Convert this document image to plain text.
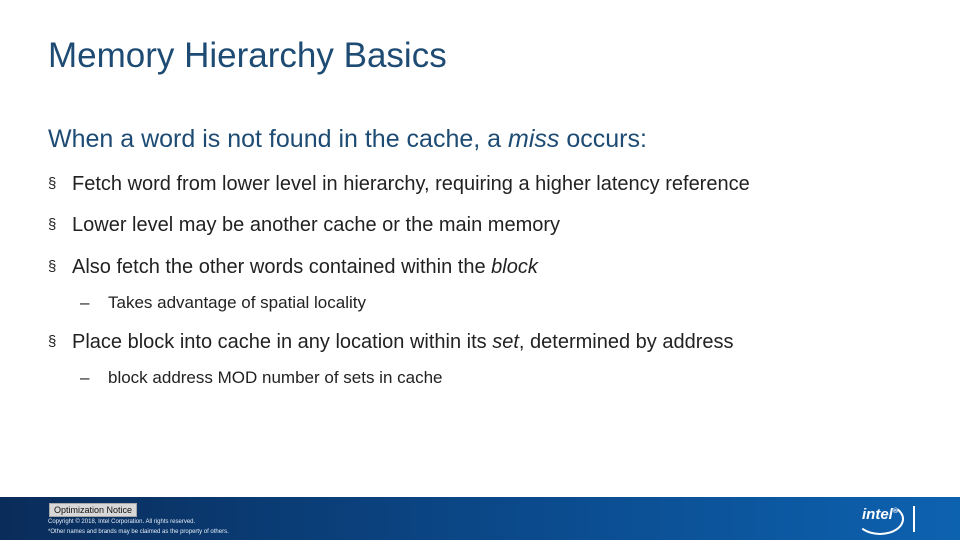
Memory Hierarchy Basics
When a word is not found in the cache, a miss occurs:
§ Fetch word from lower level in hierarchy, requiring a higher latency reference
§ Lower level may be another cache or the main memory
§ Also fetch the other words contained within the block
– Takes advantage of spatial locality
§ Place block into cache in any location within its set, determined by address
– block address MOD number of sets in cache
Optimization Notice
Copyright © 2018, Intel Corporation. All rights reserved.
*Other names and brands may be claimed as the property of others.
intel®
